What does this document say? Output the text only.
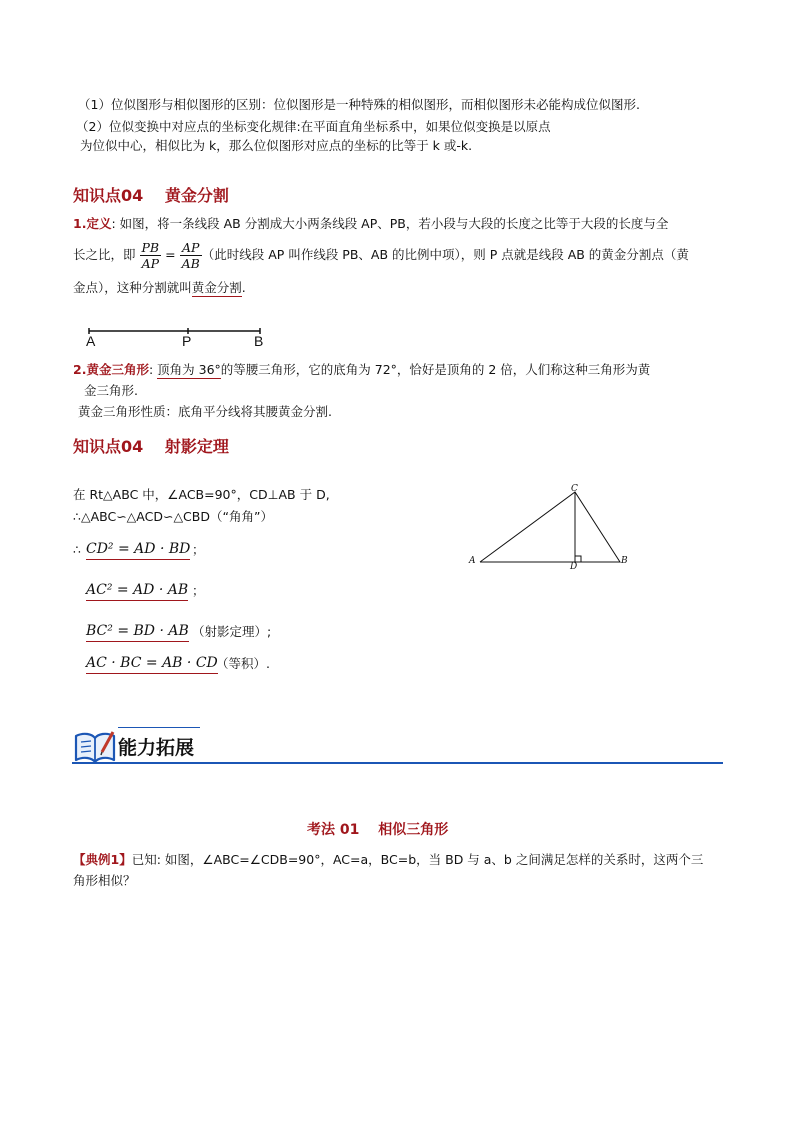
（1）位似图形与相似图形的区别：位似图形是一种特殊的相似图形，而相似图形未必能构成位似图形.
（2）位似变换中对应点的坐标变化规律:在平面直角坐标系中，如果位似变换是以原点
为位似中心，相似比为 k，那么位似图形对应点的坐标的比等于 k 或-k.
知识点04　 黄金分割
1.定义: 如图，将一条线段 AB 分割成大小两条线段 AP、PB，若小段与大段的长度之比等于大段的长度与全
长之比，即 $\frac{PB}{AP} = \frac{AP}{AB}$ （此时线段 AP 叫作线段 PB、AB 的比例中项），则 P 点就是线段 AB 的黄金分割点（黄
金点），这种分割就叫黄金分割.
A	P	B
2.黄金三角形: 顶角为 36°的等腰三角形，它的底角为 72°，恰好是顶角的 2 倍，人们称这种三角形为黄
金三角形.
黄金三角形性质：底角平分线将其腰黄金分割.
知识点04　 射影定理
在 Rt△ABC 中，∠ACB=90°，CD⊥AB 于 D,
∴△ABC∽△ACD∽△CBD（“角角”）
∴ CD² = AD · BD ；
AC² = AD · AB ；
BC² = BD · AB （射影定理）;
AC · BC = AB · CD
（等积）.
A	B
C
D
能力拓展
考法 01　 相似三角形
【典例1】已知: 如图，∠ABC=∠CDB=90°，AC=a，BC=b，当 BD 与 a、b 之间满足怎样的关系时，这两个三
角形相似？
